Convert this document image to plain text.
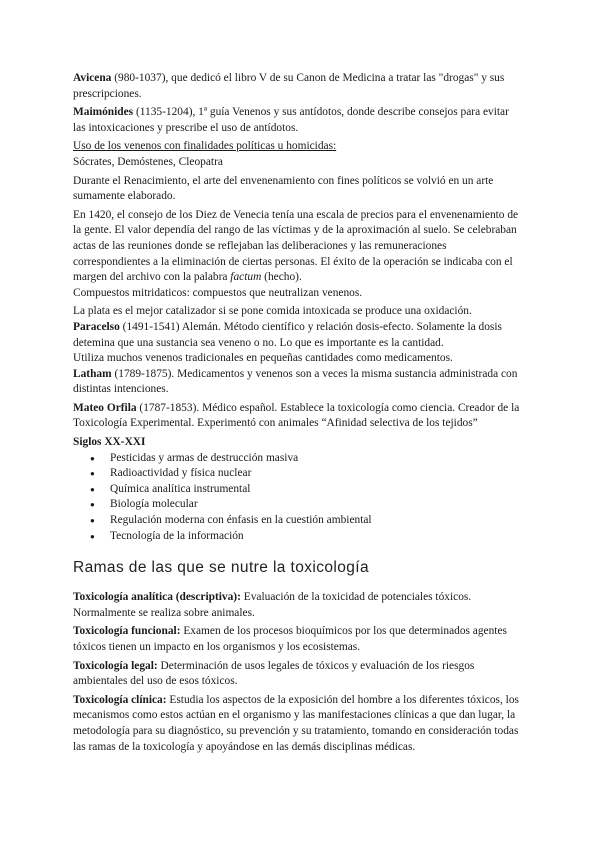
Avicena (980-1037), que dedicó el libro V de su Canon de Medicina a tratar las "drogas" y sus prescripciones.

Maimónides (1135-1204), 1ª guía Venenos y sus antídotos, donde describe consejos para evitar las intoxicaciones y prescribe el uso de antídotos.

Uso de los venenos con finalidades políticas u homicidas:

Sócrates, Demóstenes, Cleopatra

Durante el Renacimiento, el arte del envenenamiento con fines políticos se volvió en un arte sumamente elaborado.

En 1420, el consejo de los Diez de Venecia tenía una escala de precios para el envenenamiento de la gente. El valor dependía del rango de las víctimas y de la aproximación al suelo. Se celebraban actas de las reuniones donde se reflejaban las deliberaciones y las remuneraciones correspondientes a la eliminación de ciertas personas. El éxito de la operación se indicaba con el margen del archivo con la palabra factum (hecho).

Compuestos mitridaticos: compuestos que neutralizan venenos.

La plata es el mejor catalizador si se pone comida intoxicada se produce una oxidación.

Paracelso (1491-1541) Alemán. Método científico y relación dosis-efecto. Solamente la dosis detemina que una sustancia sea veneno o no. Lo que es importante es la cantidad.

Utiliza muchos venenos tradicionales en pequeñas cantidades como medicamentos.

Latham (1789-1875). Medicamentos y venenos son a veces la misma sustancia administrada con distintas intenciones.

Mateo Orfila (1787-1853). Médico español. Establece la toxicología como ciencia. Creador de la Toxicología Experimental. Experimentó con animales “Afinidad selectiva de los tejidos”

Siglos XX-XXI

● Pesticidas y armas de destrucción masiva
● Radioactividad y física nuclear
● Química analítica instrumental
● Biología molecular
● Regulación moderna con énfasis en la cuestión ambiental
● Tecnología de la información
Ramas de las que se nutre la toxicología

Toxicología analítica (descriptiva): Evaluación de la toxicidad de potenciales tóxicos. Normalmente se realiza sobre animales.

Toxicología funcional: Examen de los procesos bioquímicos por los que determinados agentes tóxicos tienen un impacto en los organismos y los ecosistemas.

Toxicología legal: Determinación de usos legales de tóxicos y evaluación de los riesgos ambientales del uso de esos tóxicos.

Toxicología clínica: Estudia los aspectos de la exposición del hombre a los diferentes tóxicos, los mecanismos como estos actúan en el organismo y las manifestaciones clínicas a que dan lugar, la metodología para su diagnóstico, su prevención y su tratamiento, tomando en consideración todas las ramas de la toxicología y apoyándose en las demás disciplinas médicas.
